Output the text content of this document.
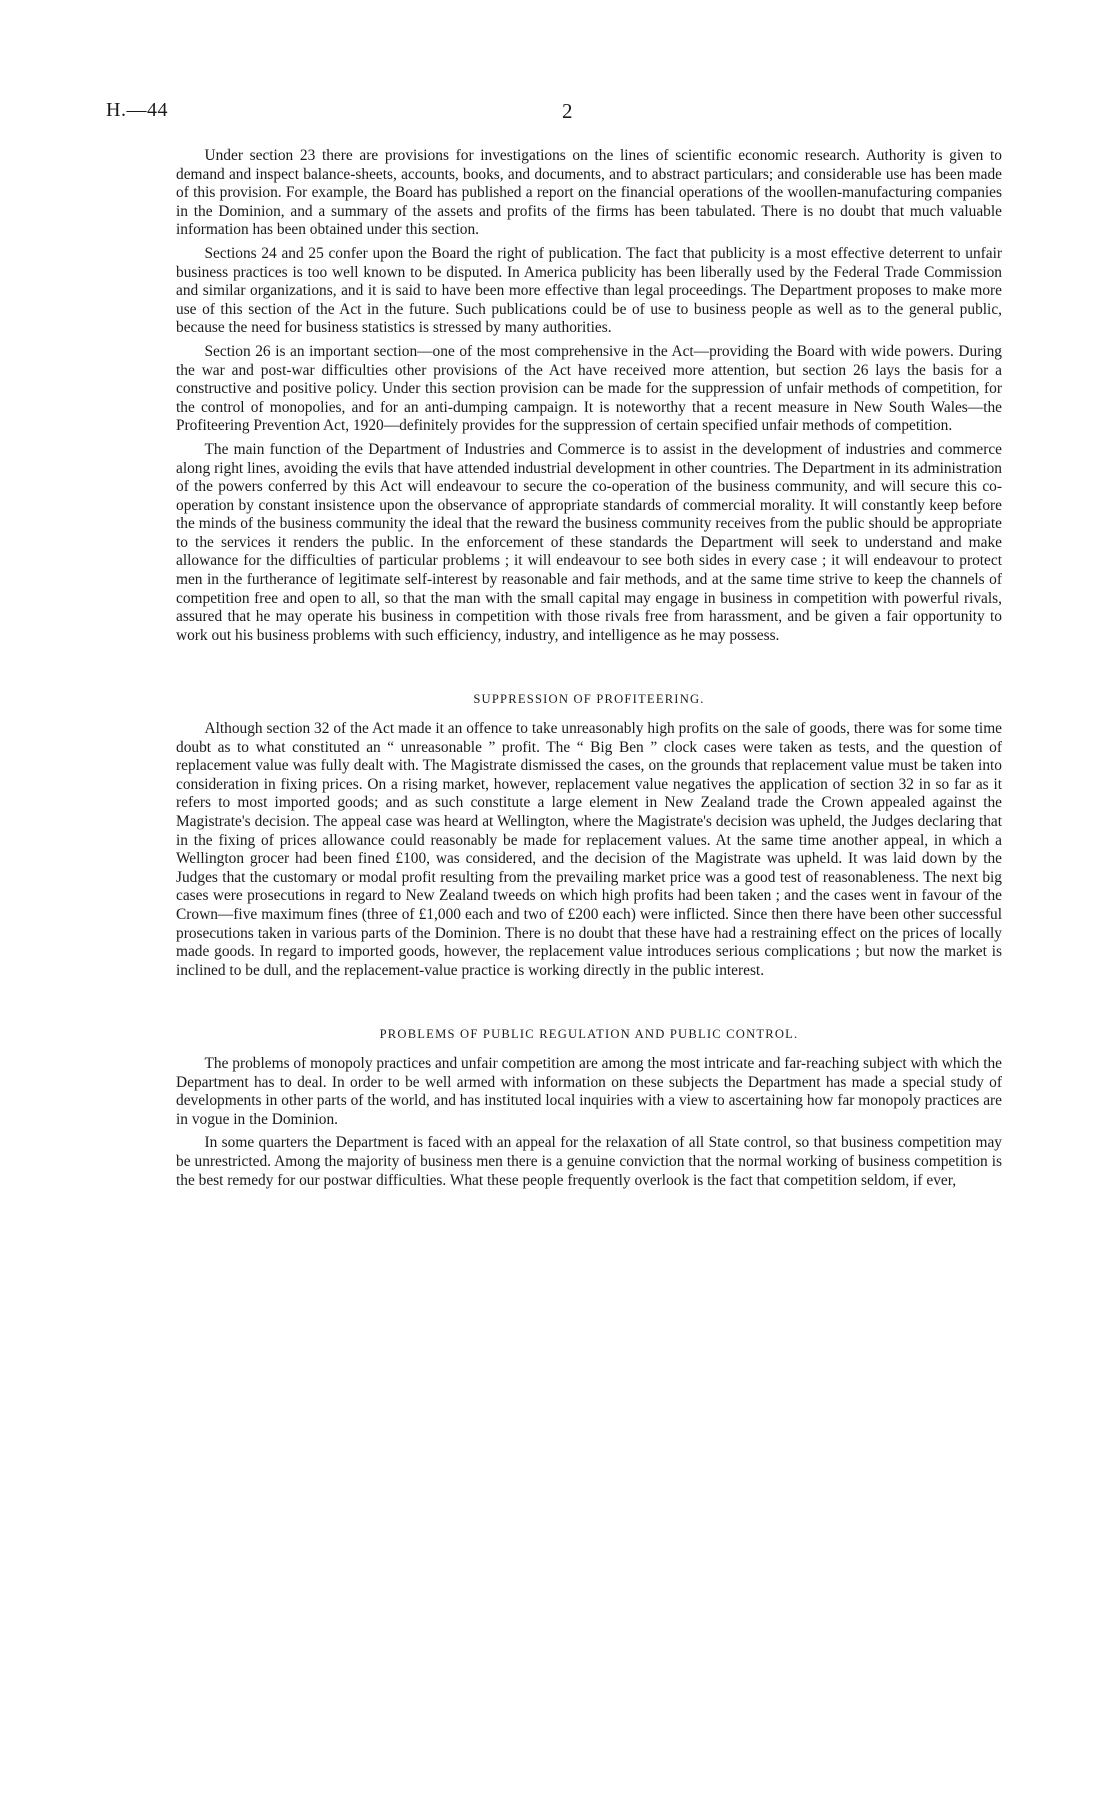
H.—44	2

Under section 23 there are provisions for investigations on the lines of scientific economic research. Authority is given to demand and inspect balance-sheets, accounts, books, and documents, and to abstract particulars; and considerable use has been made of this provision. For example, the Board has published a report on the financial operations of the woollen-manufacturing companies in the Dominion, and a summary of the assets and profits of the firms has been tabulated. There is no doubt that much valuable information has been obtained under this section.

Sections 24 and 25 confer upon the Board the right of publication. The fact that publicity is a most effective deterrent to unfair business practices is too well known to be disputed. In America publicity has been liberally used by the Federal Trade Commission and similar organizations, and it is said to have been more effective than legal proceedings. The Department proposes to make more use of this section of the Act in the future. Such publications could be of use to business people as well as to the general public, because the need for business statistics is stressed by many authorities.

Section 26 is an important section—one of the most comprehensive in the Act—providing the Board with wide powers. During the war and post-war difficulties other provisions of the Act have received more attention, but section 26 lays the basis for a constructive and positive policy. Under this section provision can be made for the suppression of unfair methods of competition, for the control of monopolies, and for an anti-dumping campaign. It is noteworthy that a recent measure in New South Wales—the Profiteering Prevention Act, 1920—definitely provides for the suppression of certain specified unfair methods of competition.

The main function of the Department of Industries and Commerce is to assist in the development of industries and commerce along right lines, avoiding the evils that have attended industrial development in other countries. The Department in its administration of the powers conferred by this Act will endeavour to secure the co-operation of the business community, and will secure this co-operation by constant insistence upon the observance of appropriate standards of commercial morality. It will constantly keep before the minds of the business community the ideal that the reward the business community receives from the public should be appropriate to the services it renders the public. In the enforcement of these standards the Department will seek to understand and make allowance for the difficulties of particular problems ; it will endeavour to see both sides in every case ; it will endeavour to protect men in the furtherance of legitimate self-interest by reasonable and fair methods, and at the same time strive to keep the channels of competition free and open to all, so that the man with the small capital may engage in business in competition with powerful rivals, assured that he may operate his business in competition with those rivals free from harassment, and be given a fair opportunity to work out his business problems with such efficiency, industry, and intelligence as he may possess.

SUPPRESSION OF PROFITEERING.

Although section 32 of the Act made it an offence to take unreasonably high profits on the sale of goods, there was for some time doubt as to what constituted an “ unreasonable ” profit. The “ Big Ben ” clock cases were taken as tests, and the question of replacement value was fully dealt with. The Magistrate dismissed the cases, on the grounds that replacement value must be taken into consideration in fixing prices. On a rising market, however, replacement value negatives the application of section 32 in so far as it refers to most imported goods; and as such constitute a large element in New Zealand trade the Crown appealed against the Magistrate's decision. The appeal case was heard at Wellington, where the Magistrate's decision was upheld, the Judges declaring that in the fixing of prices allowance could reasonably be made for replacement values. At the same time another appeal, in which a Wellington grocer had been fined £100, was considered, and the decision of the Magistrate was upheld. It was laid down by the Judges that the customary or modal profit resulting from the prevailing market price was a good test of reasonableness. The next big cases were prosecutions in regard to New Zealand tweeds on which high profits had been taken ; and the cases went in favour of the Crown—five maximum fines (three of £1,000 each and two of £200 each) were inflicted. Since then there have been other successful prosecutions taken in various parts of the Dominion. There is no doubt that these have had a restraining effect on the prices of locally made goods. In regard to imported goods, however, the replacement value introduces serious complications ; but now the market is inclined to be dull, and the replacement-value practice is working directly in the public interest.

PROBLEMS OF PUBLIC REGULATION AND PUBLIC CONTROL.

The problems of monopoly practices and unfair competition are among the most intricate and far-reaching subject with which the Department has to deal. In order to be well armed with information on these subjects the Department has made a special study of developments in other parts of the world, and has instituted local inquiries with a view to ascertaining how far monopoly practices are in vogue in the Dominion.

In some quarters the Department is faced with an appeal for the relaxation of all State control, so that business competition may be unrestricted. Among the majority of business men there is a genuine conviction that the normal working of business competition is the best remedy for our postwar difficulties. What these people frequently overlook is the fact that competition seldom, if ever,
